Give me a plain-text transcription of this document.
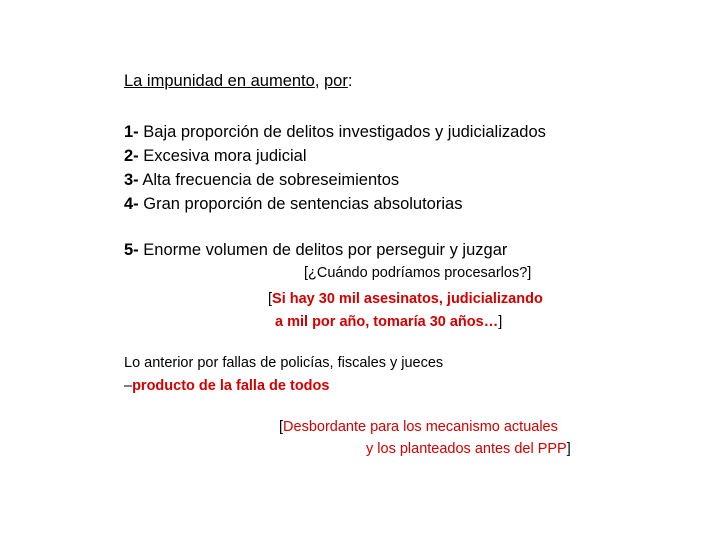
La impunidad en aumento, por:
1- Baja proporción de delitos investigados y judicializados
2- Excesiva mora judicial
3- Alta frecuencia de sobreseimientos
4- Gran proporción de sentencias absolutorias
5- Enorme volumen de delitos por perseguir y juzgar
[¿Cuándo podríamos procesarlos?]
[Si hay 30 mil asesinatos, judicializando
a mil por año, tomaría 30 años…]
Lo anterior por fallas de policías, fiscales y jueces
–producto de la falla de todos
[Desbordante para los mecanismo actuales
y los planteados antes del PPP]
